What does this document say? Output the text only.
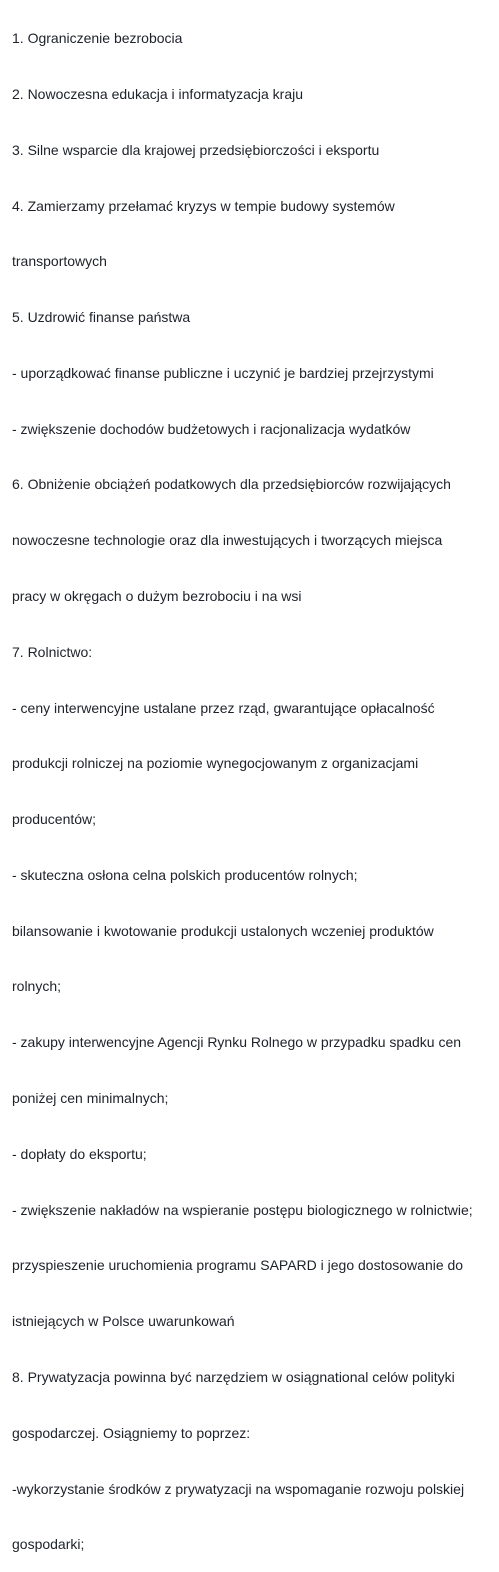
1. Ograniczenie bezrobocia

2. Nowoczesna edukacja i informatyzacja kraju

3. Silne wsparcie dla krajowej przedsiębiorczości i eksportu

4. Zamierzamy przełamać kryzys w tempie budowy systemów

transportowych

5. Uzdrowić finanse państwa

- uporządkować finanse publiczne i uczynić je bardziej przejrzystymi

- zwiększenie dochodów budżetowych i racjonalizacja wydatków

6. Obniżenie obciążeń podatkowych dla przedsiębiorców rozwijających

nowoczesne technologie oraz dla inwestujących i tworzących miejsca

pracy w okręgach o dużym bezrobociu i na wsi

7. Rolnictwo:

- ceny interwencyjne ustalane przez rząd, gwarantujące opłacalność

produkcji rolniczej na poziomie wynegocjowanym z organizacjami

producentów;

- skuteczna osłona celna polskich producentów rolnych;

bilansowanie i kwotowanie produkcji ustalonych wczeniej produktów

rolnych;

- zakupy interwencyjne Agencji Rynku Rolnego w przypadku spadku cen

poniżej cen minimalnych;

- dopłaty do eksportu;

- zwiększenie nakładów na wspieranie postępu biologicznego w rolnictwie;

przyspieszenie uruchomienia programu SAPARD i jego dostosowanie do

istniejących w Polsce uwarunkowań

8. Prywatyzacja powinna być narzędziem w osiągnational celów polityki

gospodarczej. Osiągniemy to poprzez:

-wykorzystanie środków z prywatyzacji na wspomaganie rozwoju polskiej

gospodarki;
